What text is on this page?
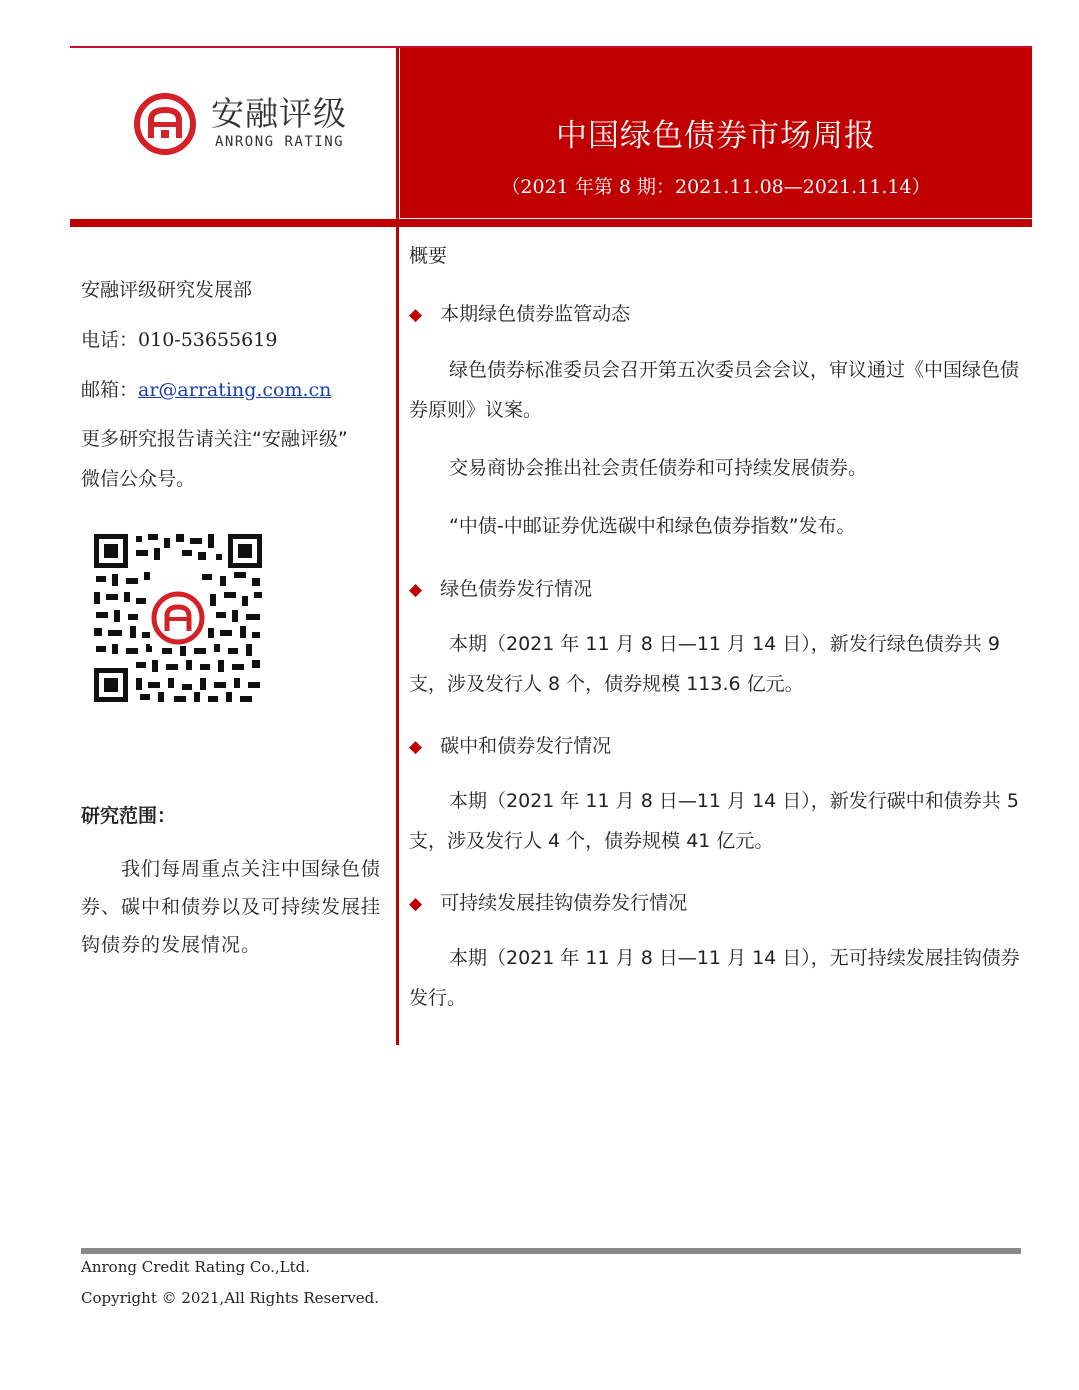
安融评级
ANRONG RATING	中国绿色债券市场周报
（2021 年第 8 期：2021.11.08—2021.11.14）
安融评级研究发展部
电话：010-53655619
邮箱：ar@arrating.com.cn
更多研究报告请关注“安融评级”
微信公众号。
研究范围：
我们每周重点关注中国绿色债券、碳中和债券以及可持续发展挂钩债券的发展情况。
概要
◆ 本期绿色债券监管动态
绿色债券标准委员会召开第五次委员会会议，审议通过《中国绿色债券原则》议案。
交易商协会推出社会责任债券和可持续发展债券。
“中债-中邮证券优选碳中和绿色债券指数”发布。
◆ 绿色债券发行情况
本期（2021 年 11 月 8 日—11 月 14 日），新发行绿色债券共 9 支，涉及发行人 8 个，债券规模 113.6 亿元。
◆ 碳中和债券发行情况
本期（2021 年 11 月 8 日—11 月 14 日），新发行碳中和债券共 5 支，涉及发行人 4 个，债券规模 41 亿元。
◆ 可持续发展挂钩债券发行情况
本期（2021 年 11 月 8 日—11 月 14 日），无可持续发展挂钩债券发行。
Anrong Credit Rating Co.,Ltd.
Copyright © 2021,All Rights Reserved.
